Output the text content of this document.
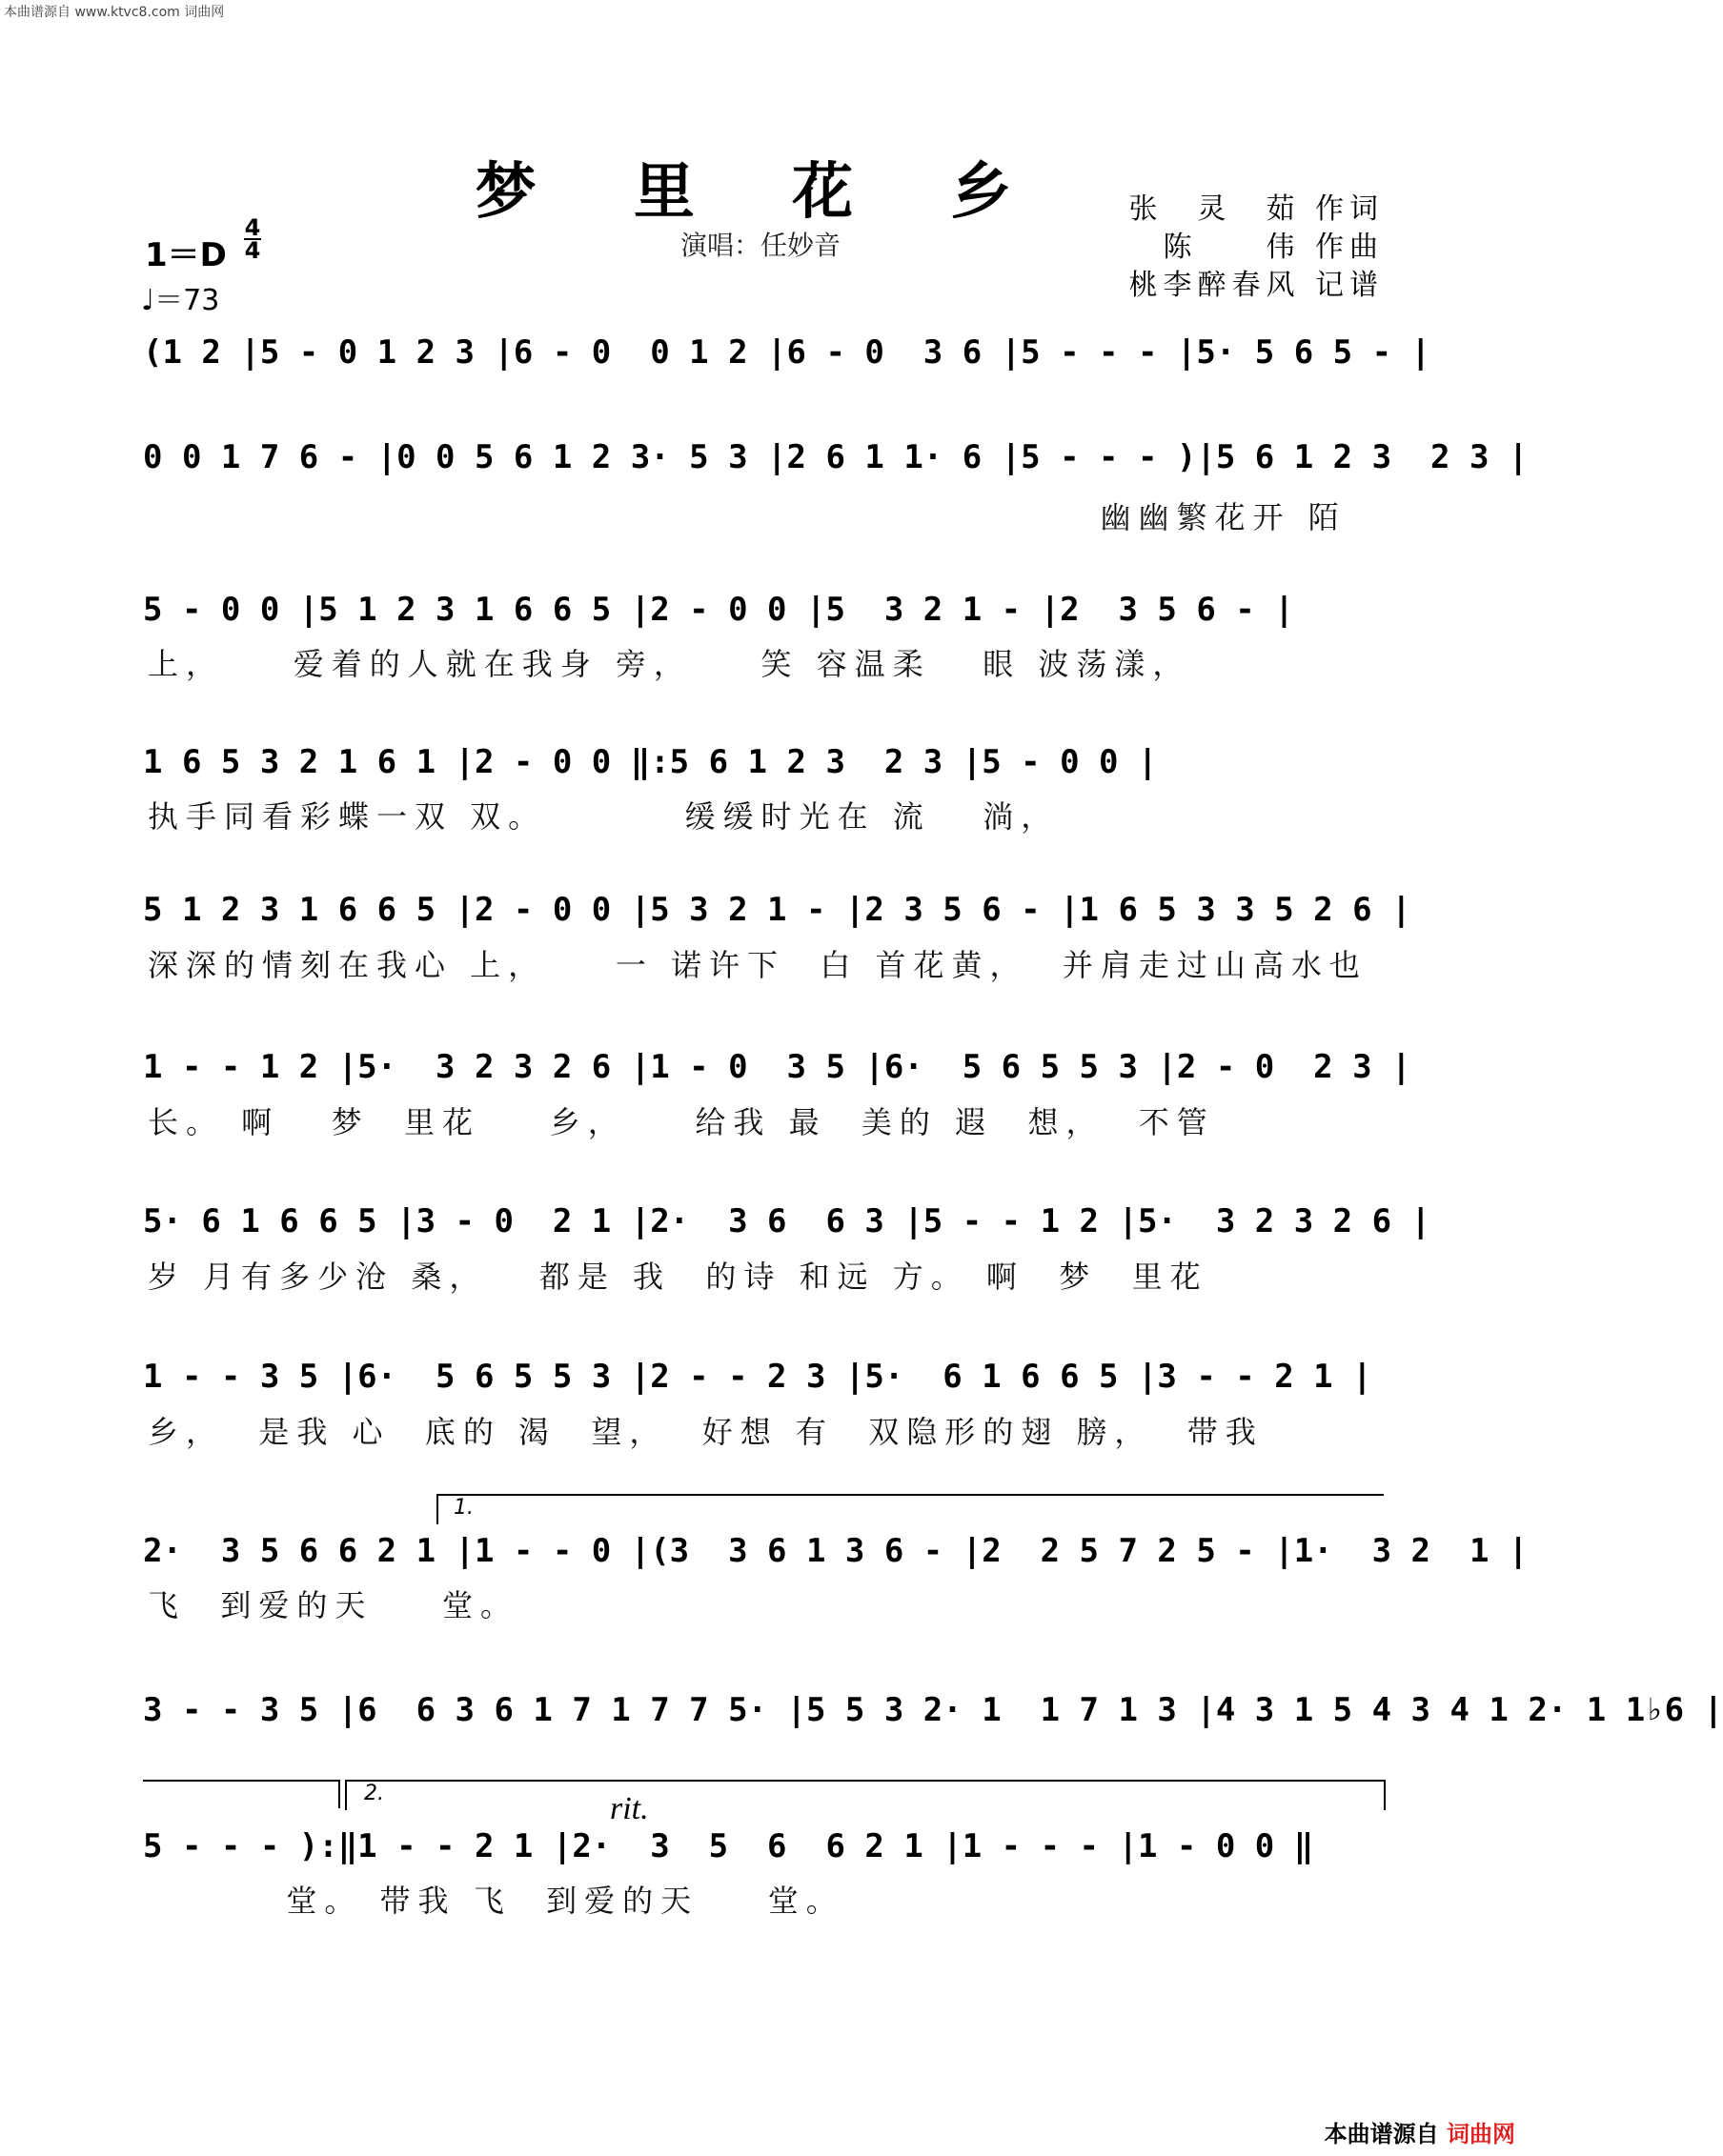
本曲谱源自 www.ktvc8.com 词曲网
梦 里 花 乡
演唱：任妙音
张　灵　茹 作词
陈　　伟 作曲
桃李醉春风 记谱
1＝D
4
4
♩＝73
(1 2 |5 - 0 1 2 3 |6 - 0  0 1 2 |6 - 0  3 6 |5 - - - |5· 5 6 5 - |
0 0 1 7 6 - |0 0 5 6 1 2 3· 5 3 |2 6 1 1· 6 |5 - - - )|5 6 1 2 3  2 3 |
幽幽繁花开 陌
5 - 0 0 |5 1 2 3 1 6 6 5 |2 - 0 0 |5  3 2 1 - |2  3 5 6 - |
上，    爱着的人就在我身 旁，    笑 容温柔   眼 波荡漾，
1 6 5 3 2 1 6 1 |2 - 0 0 ‖:5 6 1 2 3  2 3 |5 - 0 0 |
执手同看彩蝶一双 双。        缓缓时光在 流   淌，
5 1 2 3 1 6 6 5 |2 - 0 0 |5 3 2 1 - |2 3 5 6 - |1 6 5 3 3 5 2 6 |
深深的情刻在我心 上，    一 诺许下  白 首花黄，  并肩走过山高水也
1 - - 1 2 |5·  3 2 3 2 6 |1 - 0  3 5 |6·  5 6 5 5 3 |2 - 0  2 3 |
长。 啊   梦  里花    乡，    给我 最  美的 遐  想，  不管
5· 6 1 6 6 5 |3 - 0  2 1 |2·  3 6  6 3 |5 - - 1 2 |5·  3 2 3 2 6 |
岁 月有多少沧 桑，   都是 我  的诗 和远 方。 啊  梦  里花
1 - - 3 5 |6·  5 6 5 5 3 |2 - - 2 3 |5·  6 1 6 6 5 |3 - - 2 1 |
乡，  是我 心  底的 渴  望，  好想 有  双隐形的翅 膀，  带我
1.
2·  3 5 6 6 2 1 |1 - - 0 |(3  3 6 1 3 6 - |2  2 5 7 2 5 - |1·  3 2  1 |
飞  到爱的天    堂。
3 - - 3 5 |6  6 3 6 1 7 1 7 7 5· |5 5 3 2· 1  1 7 1 3 |4 3 1 5 4 3 4 1 2· 1 1♭6 |
2.	rit.
5 - - - ):‖1 - - 2 1 |2·  3  5  6  6 2 1 |1 - - - |1 - 0 0 ‖
堂。 带我 飞  到爱的天    堂。
本曲谱源自 词曲网
